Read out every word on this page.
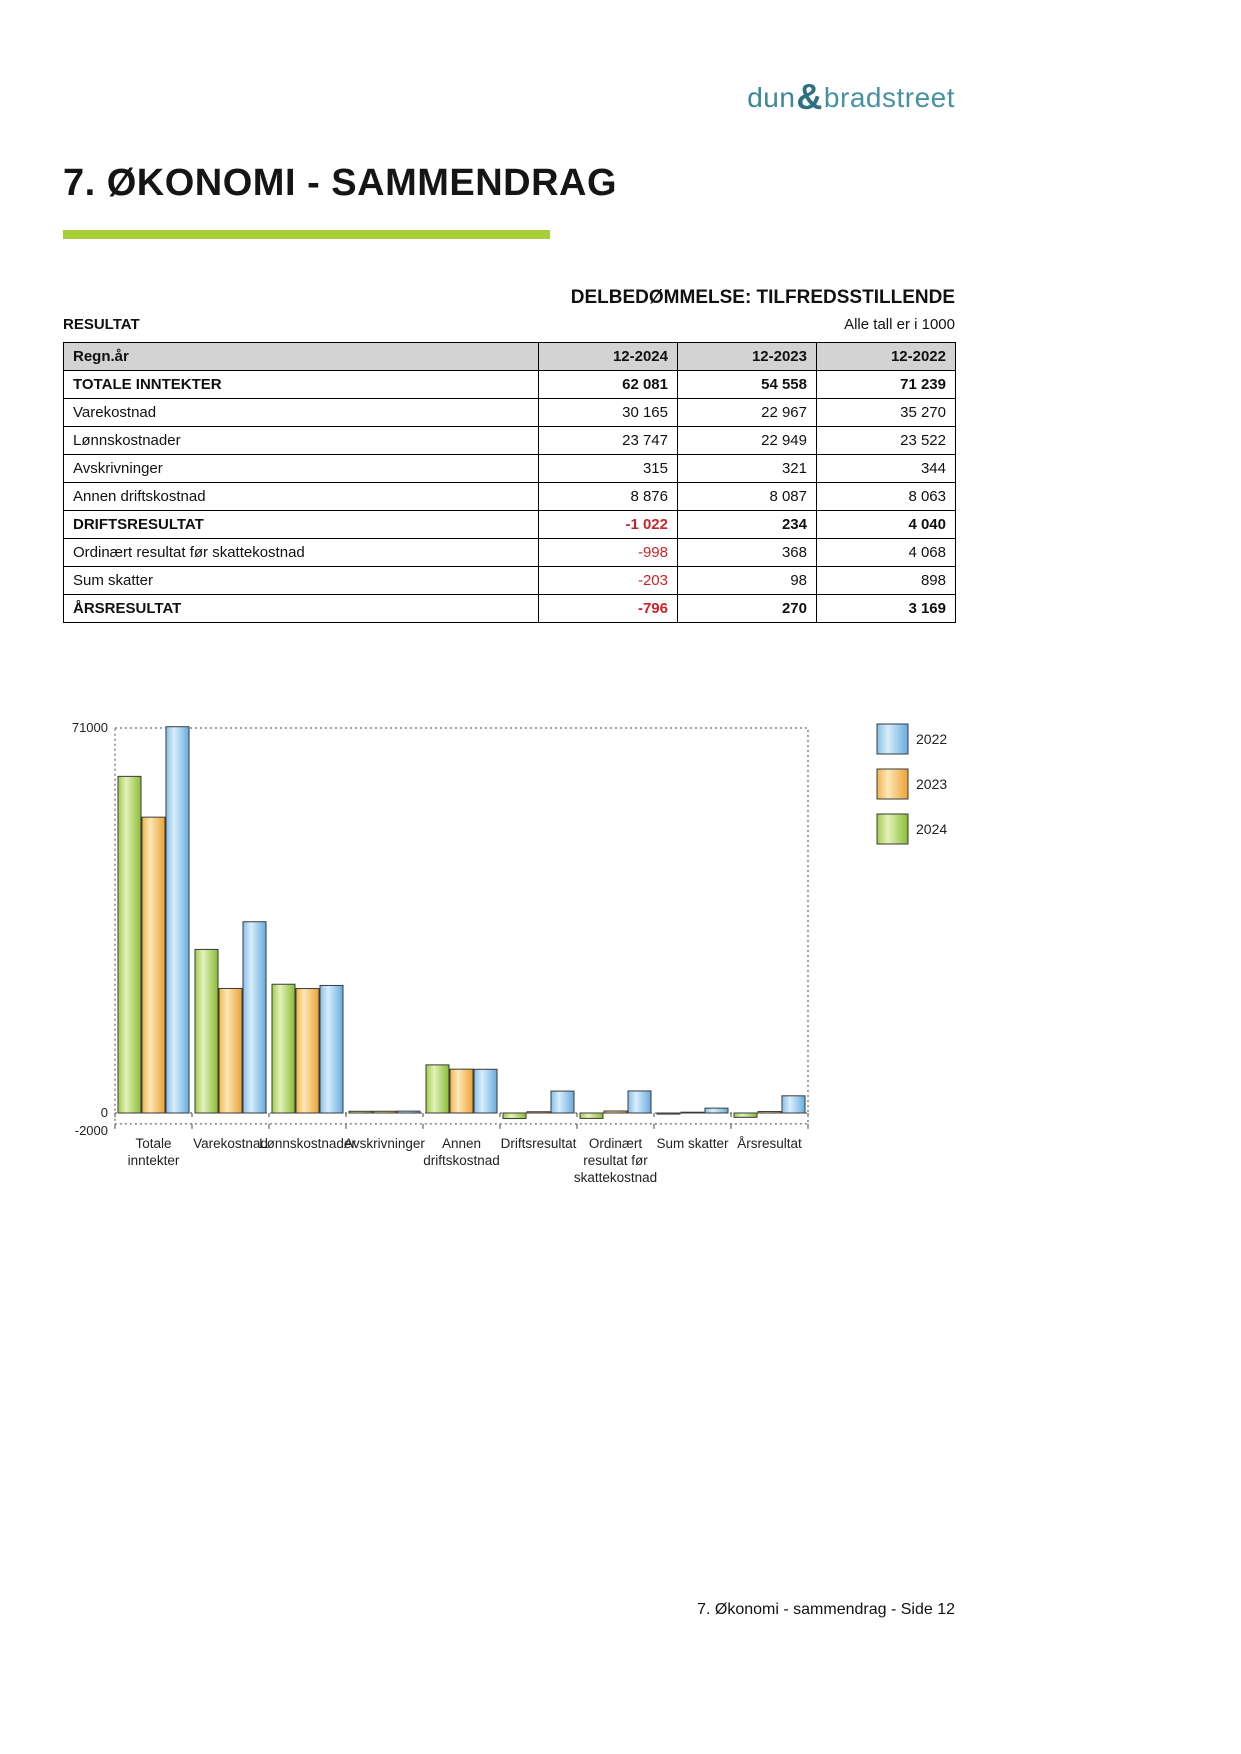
dun&bradstreet
7. ØKONOMI - SAMMENDRAG
DELBEDØMMELSE: TILFREDSSTILLENDE
RESULTAT	Alle tall er i 1000
Regn.år	12-2024	12-2023	12-2022
TOTALE INNTEKTER	62 081	54 558	71 239
Varekostnad	30 165	22 967	35 270
Lønnskostnader	23 747	22 949	23 522
Avskrivninger	315	321	344
Annen driftskostnad	8 876	8 087	8 063
DRIFTSRESULTAT	-1 022	234	4 040
Ordinært resultat før skattekostnad	-998	368	4 068
Sum skatter	-203	98	898
ÅRSRESULTAT	-796	270	3 169
71000
0
-2000
Totale
inntekter
Varekostnad
Lønnskostnader
Avskrivninger Annen
driftskostnad
Driftsresultat Ordinært
resultat før
skattekostnad
Sum skatter Årsresultat
2022
2023
2024
7. Økonomi - sammendrag - Side 12
